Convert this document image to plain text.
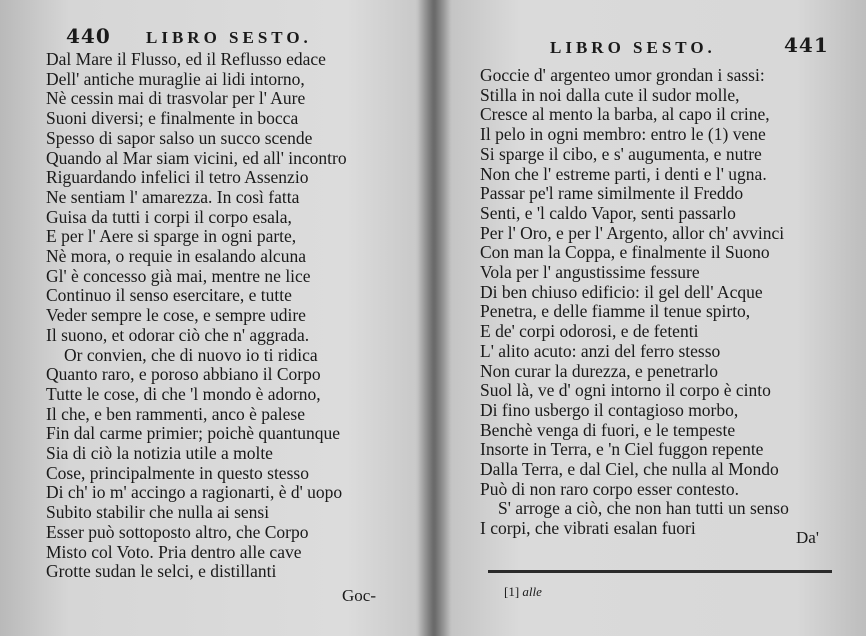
440 LIBRO SESTO.
Dal Mare il Flusso, ed il Reflusso edace
Dell' antiche muraglie ai lidi intorno,
Nè cessin mai di trasvolar per l' Aure
Suoni diversi; e finalmente in bocca
Spesso di sapor salso un succo scende
Quando al Mar siam vicini, ed all' incontro
Riguardando infelici il tetro Assenzio
Ne sentiam l' amarezza. In così fatta
Guisa da tutti i corpi il corpo esala,
E per l' Aere si sparge in ogni parte,
Nè mora, o requie in esalando alcuna
Gl' è concesso già mai, mentre ne lice
Continuo il senso esercitare, e tutte
Veder sempre le cose, e sempre udire
Il suono, et odorar ciò che n' aggrada.
Or convien, che di nuovo io ti ridica
Quanto raro, e poroso abbiano il Corpo
Tutte le cose, di che 'l mondo è adorno,
Il che, e ben rammenti, anco è palese
Fin dal carme primier; poichè quantunque
Sia di ciò la notizia utile a molte
Cose, principalmente in questo stesso
Di ch' io m' accingo a ragionarti, è d' uopo
Subito stabilir che nulla ai sensi
Esser può sottoposto altro, che Corpo
Misto col Voto. Pria dentro alle cave
Grotte sudan le selci, e distillanti
Goc-
LIBRO SESTO.	441
Goccie d' argenteo umor grondan i sassi:
Stilla in noi dalla cute il sudor molle,
Cresce al mento la barba, al capo il crine,
Il pelo in ogni membro: entro le (1) vene
Si sparge il cibo, e s' augumenta, e nutre
Non che l' estreme parti, i denti e l' ugna.
Passar pe'l rame similmente il Freddo
Senti, e 'l caldo Vapor, senti passarlo
Per l' Oro, e per l' Argento, allor ch' avvinci
Con man la Coppa, e finalmente il Suono
Vola per l' angustissime fessure
Di ben chiuso edificio: il gel dell' Acque
Penetra, e delle fiamme il tenue spirto,
E de' corpi odorosi, e de fetenti
L' alito acuto: anzi del ferro stesso
Non curar la durezza, e penetrarlo
Suol là, ve d' ogni intorno il corpo è cinto
Di fino usbergo il contagioso morbo,
Benchè venga di fuori, e le tempeste
Insorte in Terra, e 'n Ciel fuggon repente
Dalla Terra, e dal Ciel, che nulla al Mondo
Può di non raro corpo esser contesto.
S' arroge a ciò, che non han tutti un senso
I corpi, che vibrati esalan fuori	Da'
[1] alle
